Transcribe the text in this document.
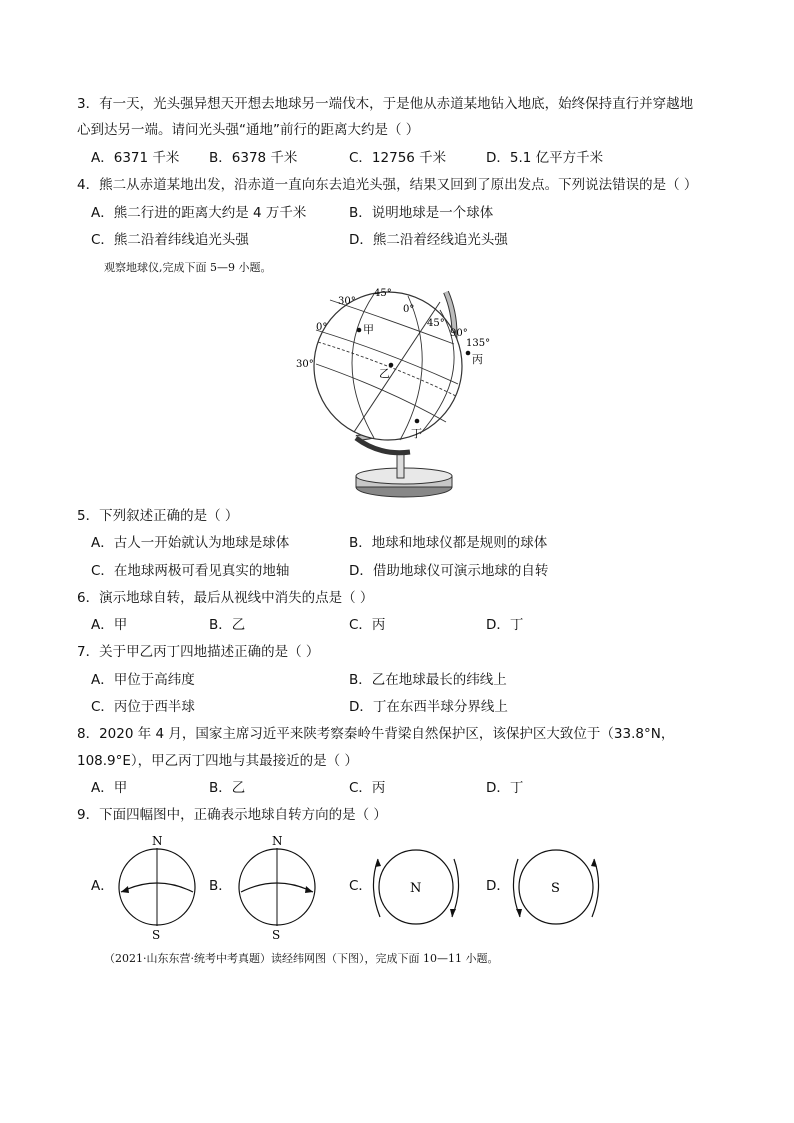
3．有一天，光头强异想天开想去地球另一端伐木，于是他从赤道某地钻入地底，始终保持直行并穿越地
心到达另一端。请问光头强“通地”前行的距离大约是（ ）
A．6371 千米 B．6378 千米	C．12756 千米	D．5.1 亿平方千米
4．熊二从赤道某地出发，沿赤道一直向东去追光头强，结果又回到了原出发点。下列说法错误的是（ ）
A．熊二行进的距离大约是 4 万千米	B．说明地球是一个球体
C．熊二沿着纬线追光头强	D．熊二沿着经线追光头强
观察地球仪,完成下面 5—9 小题。
30°
45°
0°
0°
45°
90°
135°
30°
甲
乙
丙
丁
5．下列叙述正确的是（ ）
A．古人一开始就认为地球是球体	B．地球和地球仪都是规则的球体
C．在地球两极可看见真实的地轴	D．借助地球仪可演示地球的自转
6．演示地球自转，最后从视线中消失的点是（ ）
A．甲	B．乙	C．丙	D．丁
7．关于甲乙丙丁四地描述正确的是（ ）
A．甲位于高纬度	B．乙在地球最长的纬线上
C．丙位于西半球	D．丁在东西半球分界线上
8．2020 年 4 月，国家主席习近平来陕考察秦岭牛背梁自然保护区，该保护区大致位于（33.8°N，
108.9°E），甲乙丙丁四地与其最接近的是（ ）
A．甲	B．乙	C．丙	D．丁
9．下面四幅图中，正确表示地球自转方向的是（ ）
A．	B．	C．	D．
N
S
N
S
N	S
（2021·山东东营·统考中考真题）读经纬网图（下图），完成下面 10—11 小题。
